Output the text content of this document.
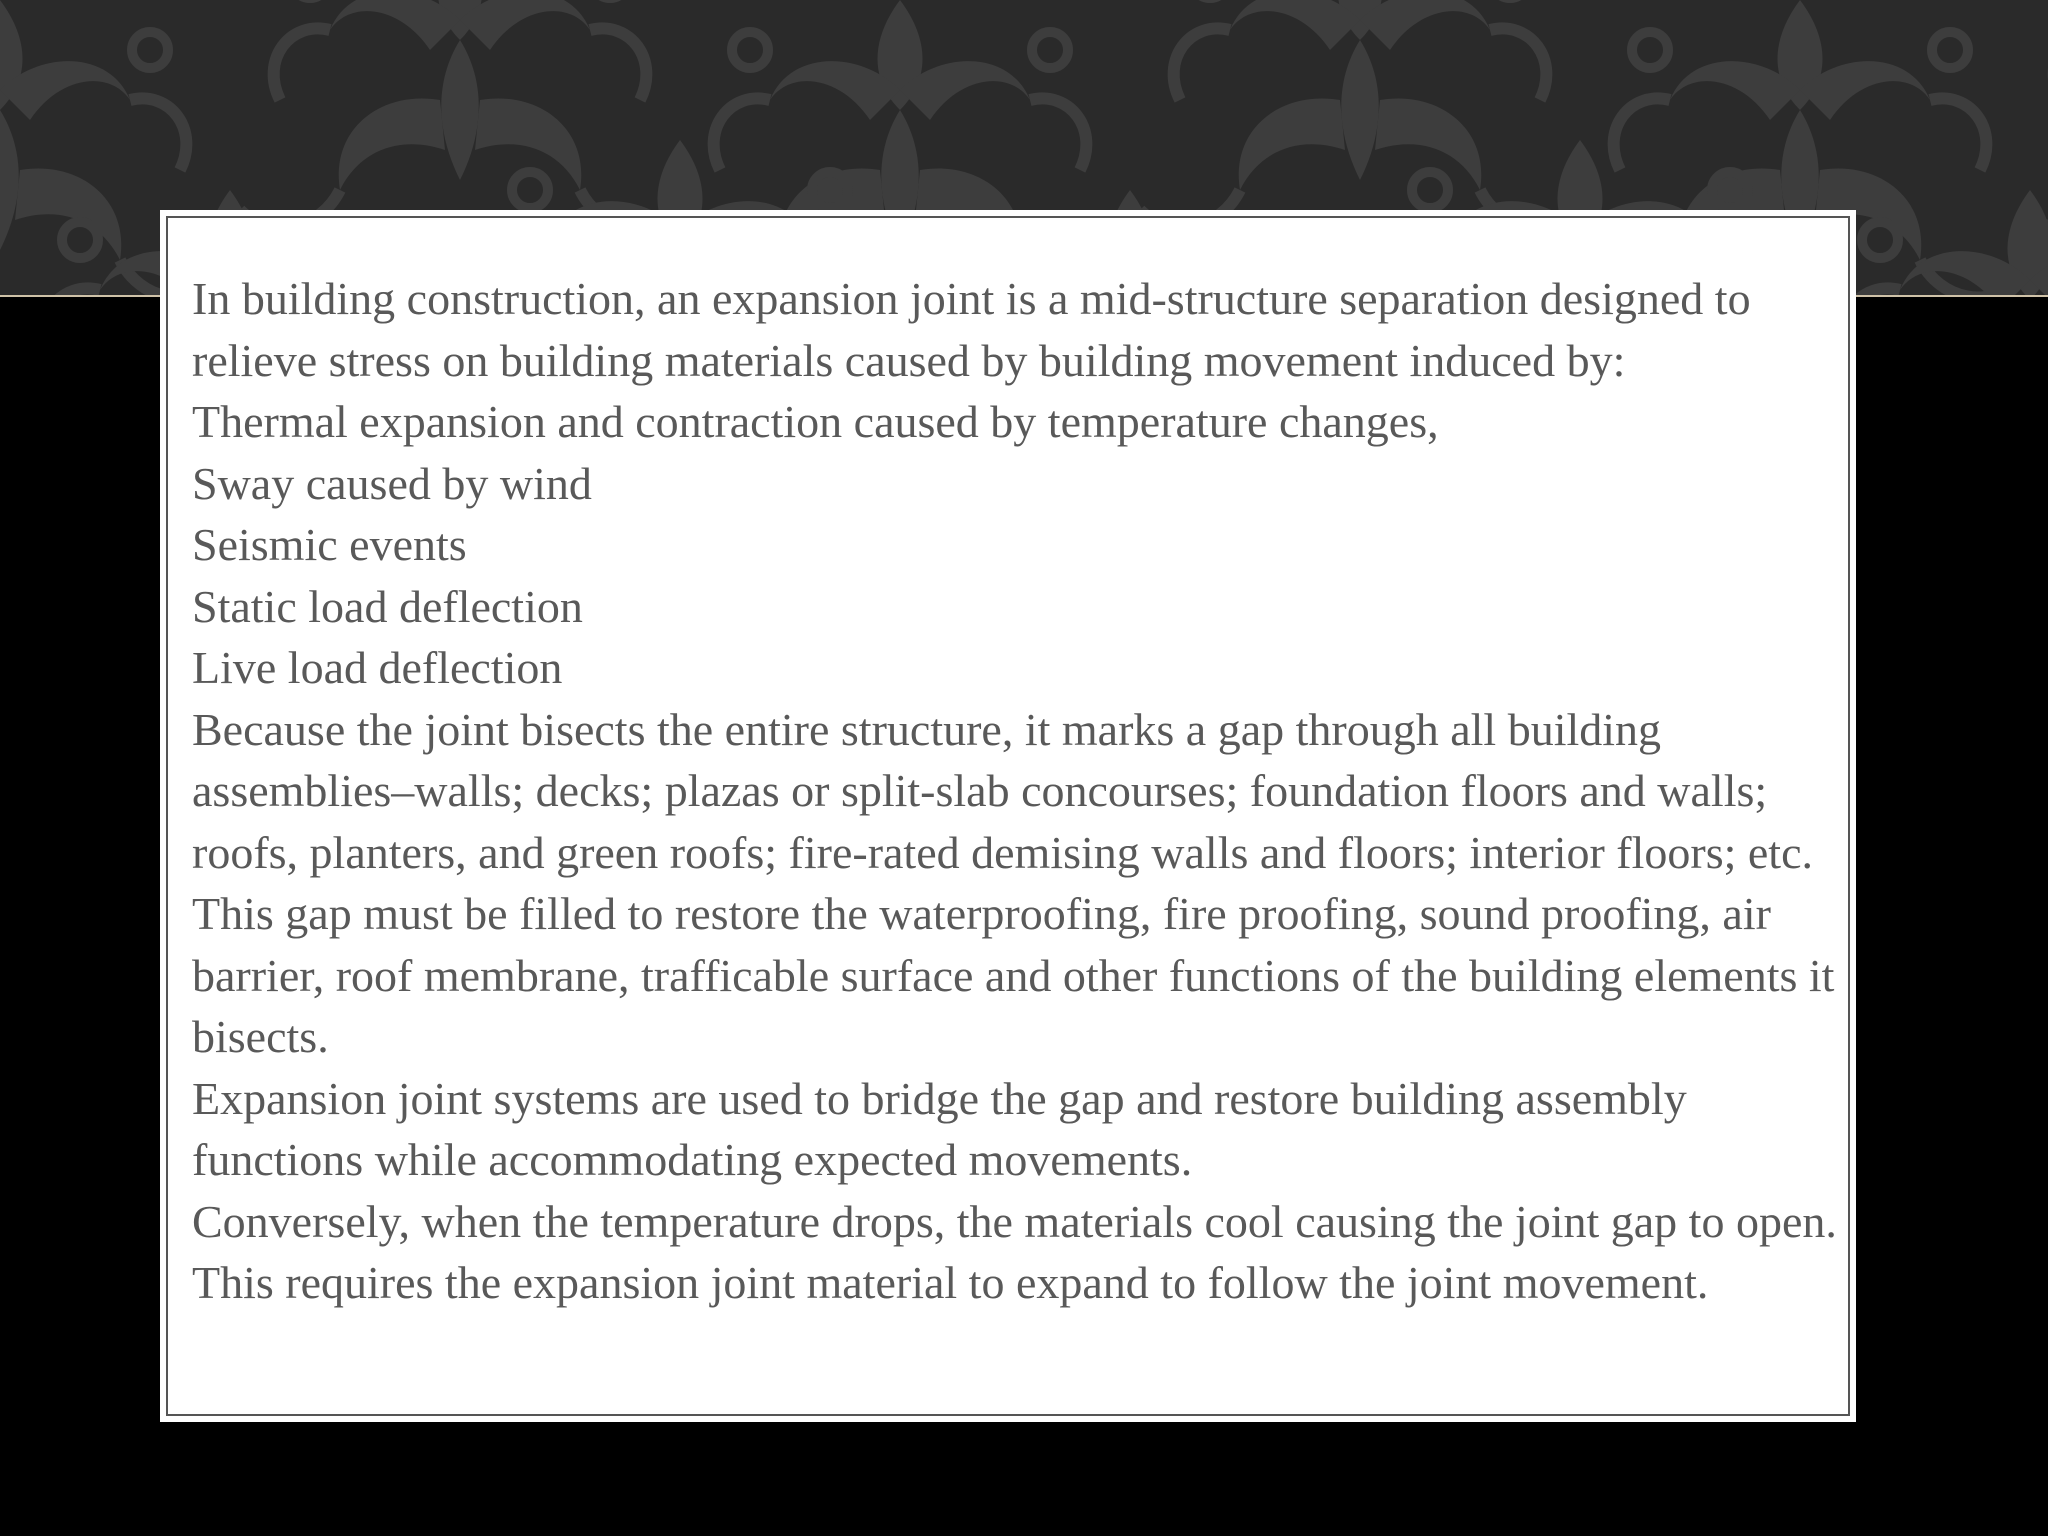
In building construction, an expansion joint is a mid-structure separation designed to relieve stress on building materials caused by building movement induced by:

Thermal expansion and contraction caused by temperature changes,

Sway caused by wind

Seismic events

Static load deflection

Live load deflection

Because the joint bisects the entire structure, it marks a gap through all building assemblies–walls; decks; plazas or split-slab concourses; foundation floors and walls; roofs, planters, and green roofs; fire-rated demising walls and floors; interior floors; etc. This gap must be filled to restore the waterproofing, fire proofing, sound proofing, air barrier, roof membrane, trafficable surface and other functions of the building elements it bisects.

Expansion joint systems are used to bridge the gap and restore building assembly functions while accommodating expected movements.

Conversely, when the temperature drops, the materials cool causing the joint gap to open. This requires the expansion joint material to expand to follow the joint movement.
